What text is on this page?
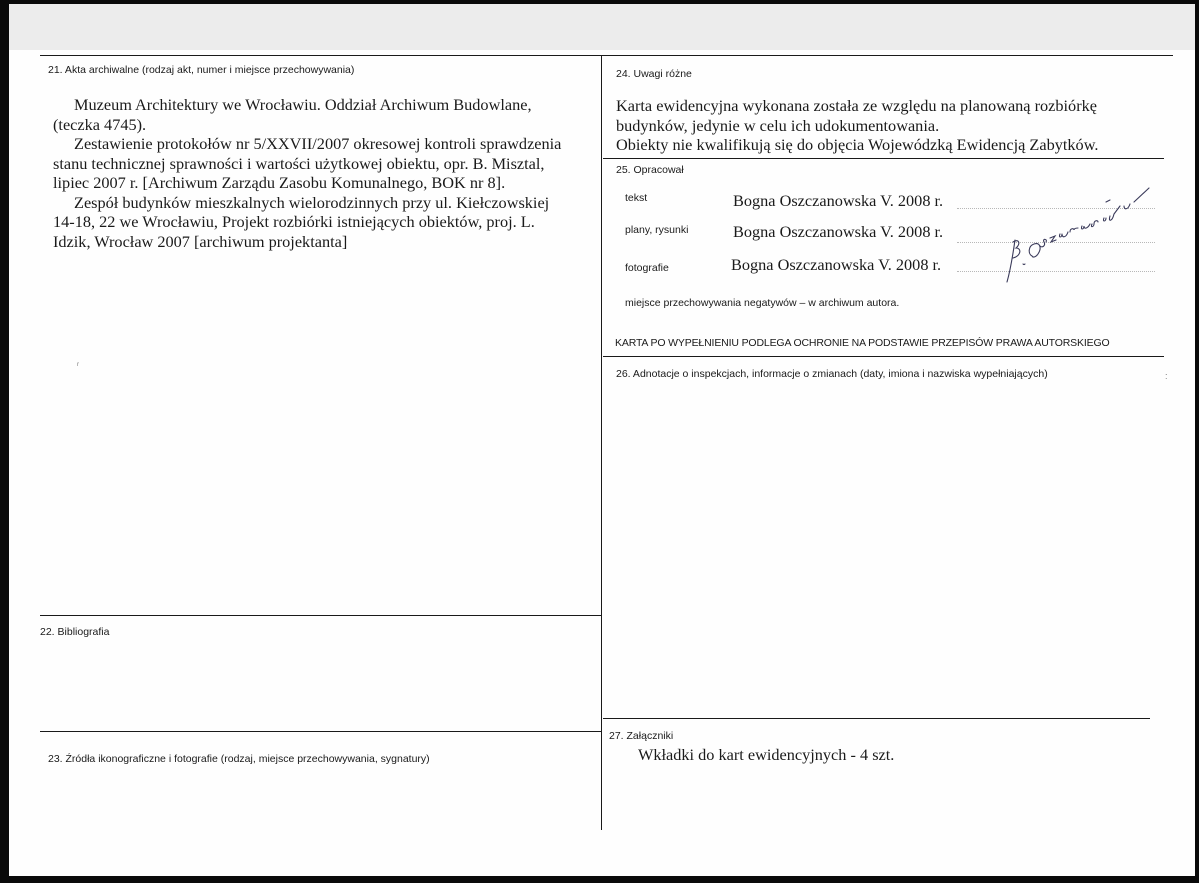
21. Akta archiwalne (rodzaj akt, numer i miejsce przechowywania)
Muzeum Architektury we Wrocławiu. Oddział Archiwum Budowlane,
(teczka 4745).
Zestawienie protokołów nr 5/XXVII/2007 okresowej kontroli sprawdzenia
stanu technicznej sprawności i wartości użytkowej obiektu, opr. B. Misztal,
lipiec 2007 r. [Archiwum Zarządu Zasobu Komunalnego, BOK nr 8].
Zespół budynków mieszkalnych wielorodzinnych przy ul. Kiełczowskiej
14-18, 22 we Wrocławiu, Projekt rozbiórki istniejących obiektów, proj. L.
Idzik, Wrocław 2007 [archiwum projektanta]
22. Bibliografia
23. Źródła ikonograficzne i fotografie (rodzaj, miejsce przechowywania, sygnatury)
24. Uwagi różne
Karta ewidencyjna wykonana została ze względu na planowaną rozbiórkę
budynków, jedynie w celu ich udokumentowania.
Obiekty nie kwalifikują się do objęcia Wojewódzką Ewidencją Zabytków.
25. Opracował
tekst	Bogna Oszczanowska V. 2008 r.
plany, rysunki	Bogna Oszczanowska V. 2008 r.
fotografie	Bogna Oszczanowska V. 2008 r.
miejsce przechowywania negatywów – w archiwum autora.
KARTA PO WYPEŁNIENIU PODLEGA OCHRONIE NA PODSTAWIE PRZEPISÓW PRAWA AUTORSKIEGO
26. Adnotacje o inspekcjach, informacje o zmianach (daty, imiona i nazwiska wypełniających)
27. Załączniki
Wkładki do kart ewidencyjnych - 4 szt.
ʳ
:
